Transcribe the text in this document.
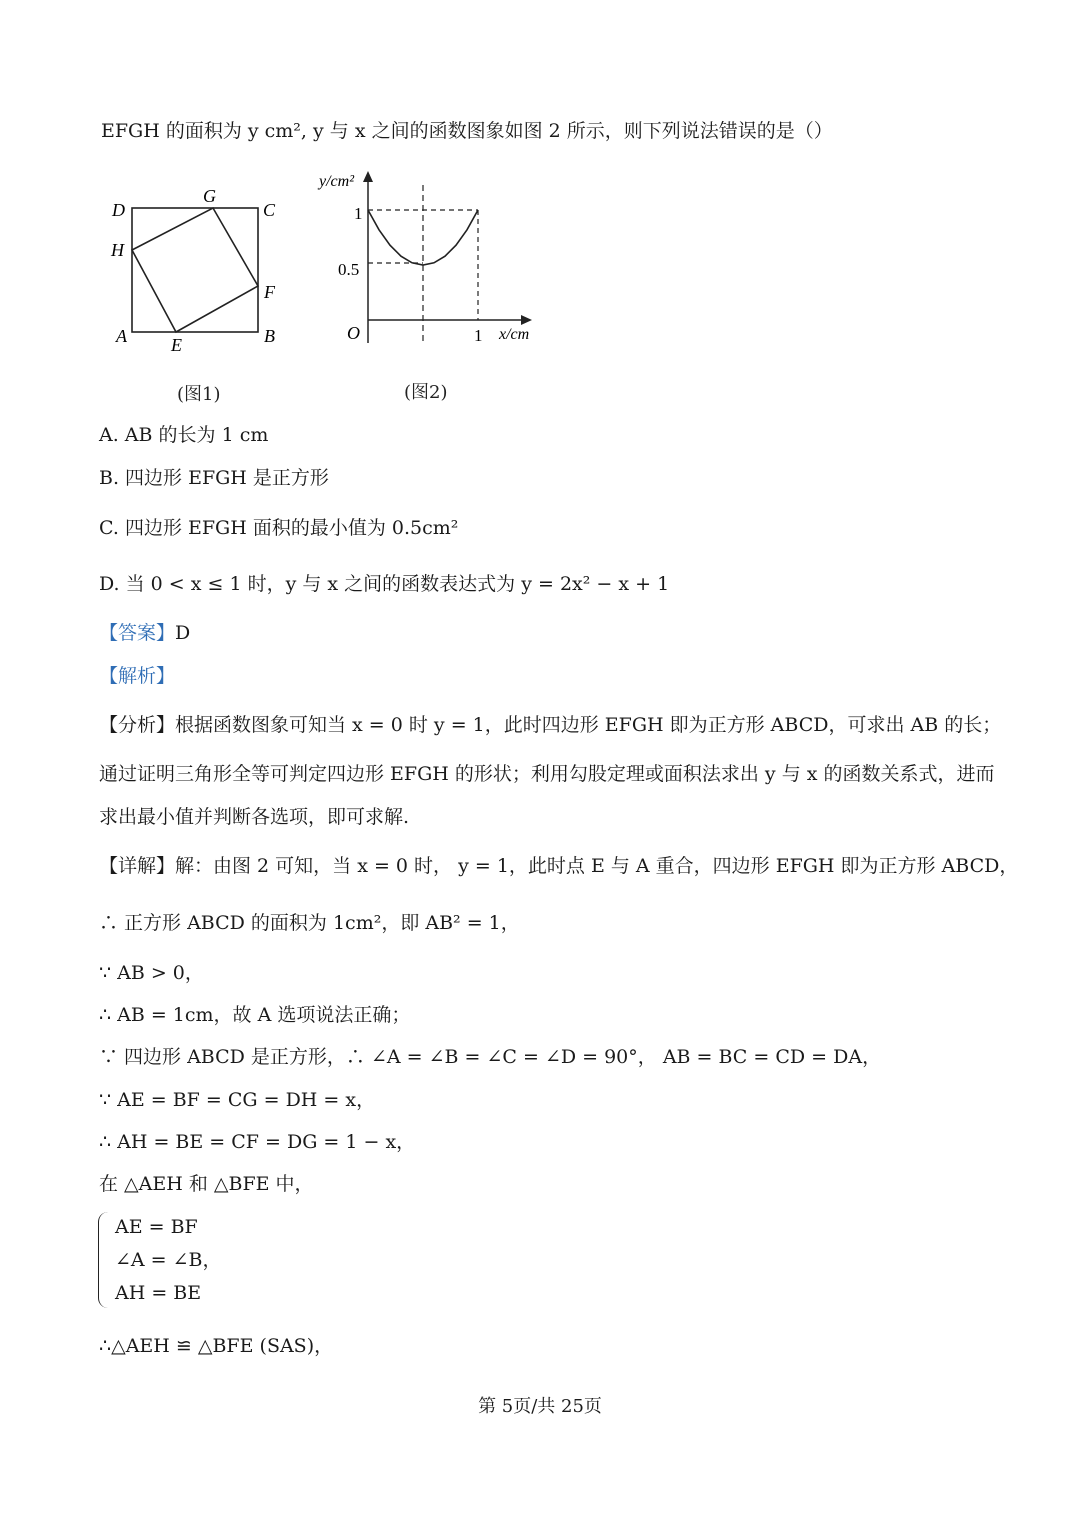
EFGH 的面积为 y cm², y 与 x 之间的函数图象如图 2 所示，则下列说法错误的是（）
D
G
C
H
F
A E	B
(图1)
y/cm²
1
0.5
O	1 x/cm
(图2)
A. AB 的长为 1 cm
B. 四边形 EFGH 是正方形
C. 四边形 EFGH 面积的最小值为 0.5cm²
D. 当 0 < x ≤ 1 时，y 与 x 之间的函数表达式为 y = 2x² − x + 1
【答案】D
【解析】
【分析】根据函数图象可知当 x = 0 时 y = 1，此时四边形 EFGH 即为正方形 ABCD，可求出 AB 的长；
通过证明三角形全等可判定四边形 EFGH 的形状；利用勾股定理或面积法求出 y 与 x 的函数关系式，进而
求出最小值并判断各选项，即可求解.
【详解】解：由图 2 可知，当 x = 0 时， y = 1，此时点 E 与 A 重合，四边形 EFGH 即为正方形 ABCD，
∴ 正方形 ABCD 的面积为 1cm²，即 AB² = 1，
∵ AB > 0，
∴ AB = 1cm，故 A 选项说法正确；
∵ 四边形 ABCD 是正方形，∴ ∠A = ∠B = ∠C = ∠D = 90°， AB = BC = CD = DA，
∵ AE = BF = CG = DH = x，
∴ AH = BE = CF = DG = 1 − x，
在 △AEH 和 △BFE 中，
AE = BF
∠A = ∠B，
AH = BE
∴△AEH ≌ △BFE (SAS)，
第 5页/共 25页
